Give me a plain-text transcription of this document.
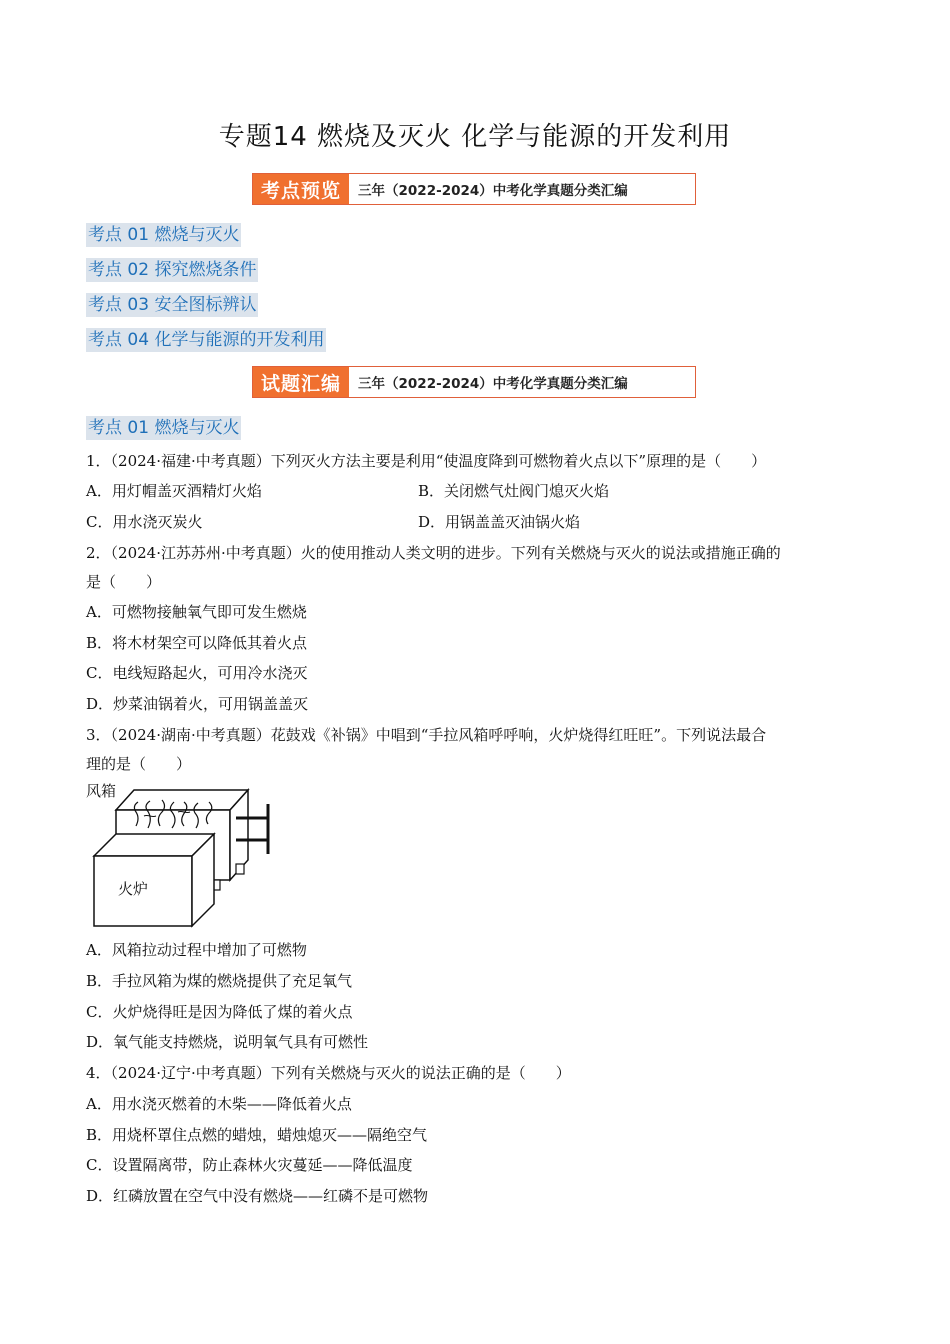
专题14 燃烧及灭火 化学与能源的开发利用
考点预览	三年（2022-2024）中考化学真题分类汇编
考点 01 燃烧与灭火
考点 02 探究燃烧条件
考点 03 安全图标辨认
考点 04 化学与能源的开发利用
试题汇编	三年（2022-2024）中考化学真题分类汇编
考点 01 燃烧与灭火
1．（2024·福建·中考真题）下列灭火方法主要是利用“使温度降到可燃物着火点以下”原理的是（　　）
A．用灯帽盖灭酒精灯火焰	B．关闭燃气灶阀门熄灭火焰
C．用水浇灭炭火	D．用锅盖盖灭油锅火焰
2．（2024·江苏苏州·中考真题）火的使用推动人类文明的进步。下列有关燃烧与灭火的说法或措施正确的
是（　　）
A．可燃物接触氧气即可发生燃烧
B．将木材架空可以降低其着火点
C．电线短路起火，可用冷水浇灭
D．炒菜油锅着火，可用锅盖盖灭
3．（2024·湖南·中考真题）花鼓戏《补锅》中唱到“手拉风箱呼呼响，火炉烧得红旺旺”。下列说法最合
理的是（　　）
风箱
火炉
A．风箱拉动过程中增加了可燃物
B．手拉风箱为煤的燃烧提供了充足氧气
C．火炉烧得旺是因为降低了煤的着火点
D．氧气能支持燃烧，说明氧气具有可燃性
4．（2024·辽宁·中考真题）下列有关燃烧与灭火的说法正确的是（　　）
A．用水浇灭燃着的木柴——降低着火点
B．用烧杯罩住点燃的蜡烛，蜡烛熄灭——隔绝空气
C．设置隔离带，防止森林火灾蔓延——降低温度
D．红磷放置在空气中没有燃烧——红磷不是可燃物
